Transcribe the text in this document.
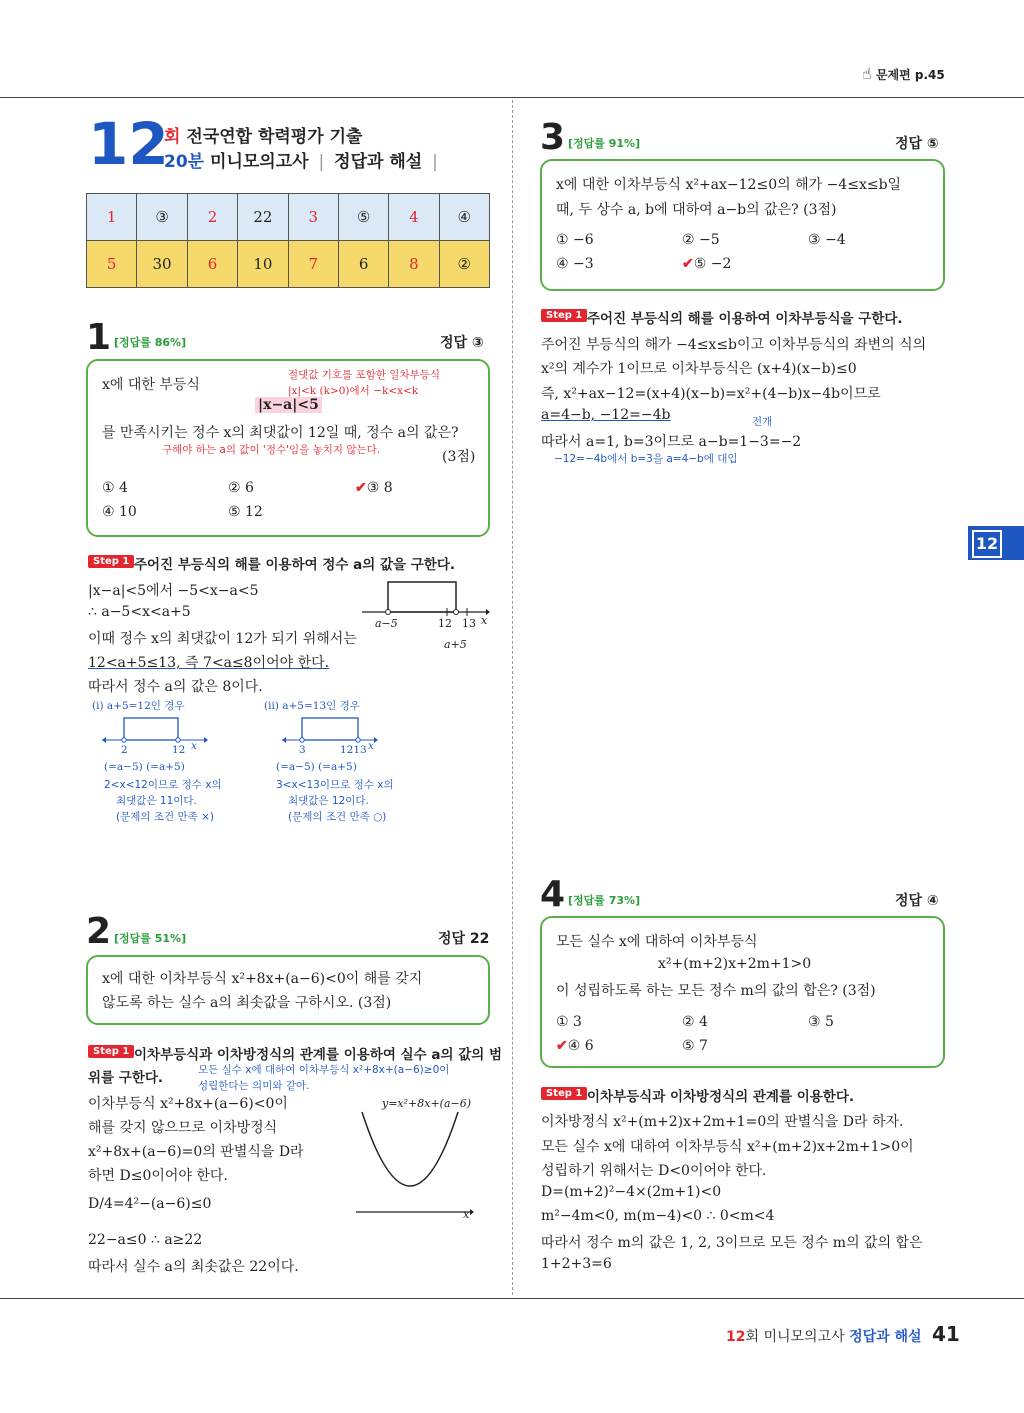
☝ 문제편 p.45
12
회 전국연합 학력평가 기출
20분 미니모의고사 | 정답과 해설 |
1	③	2	22	3	⑤	4	④
5	30	6	10	7	6	8	②
1 [정답률 86%]	정답 ③
절댓값 기호를 포함한 일차부등식
|x|<k (k>0)에서 −k<x<k
x에 대한 부등식
|x−a|<5
를 만족시키는 정수 x의 최댓값이 12일 때, 정수 a의 값은?
구해야 하는 a의 값이 '정수'임을 놓치지 않는다.	(3점)
① 4	② 6	✔③ 8
④ 10	⑤ 12
Step 1 주어진 부등식의 해를 이용하여 정수 a의 값을 구한다.
|x−a|<5에서 −5<x−a<5
∴ a−5<x<a+5
이때 정수 x의 최댓값이 12가 되기 위해서는
12<a+5≤13, 즉 7<a≤8이어야 한다.
따라서 정수 a의 값은 8이다.
a−5	12 13 x
a+5
(i) a+5=12인 경우
2	12 x
(=a−5) (=a+5)
2<x<12이므로 정수 x의
최댓값은 11이다.
(문제의 조건 만족 ×)
(ii) a+5=13인 경우
3	1213 x
(=a−5) (=a+5)
3<x<13이므로 정수 x의
최댓값은 12이다.
(문제의 조건 만족 ○)
2 [정답률 51%]	정답 22
x에 대한 이차부등식 x²+8x+(a−6)<0이 해를 갖지
않도록 하는 실수 a의 최솟값을 구하시오. (3점)
Step 1 이차부등식과 이차방정식의 관계를 이용하여 실수 a의 값의 범
위를 구한다.	모든 실수 x에 대하여 이차부등식 x²+8x+(a−6)≥0이
성립한다는 의미와 같아.
이차부등식 x²+8x+(a−6)<0이
해를 갖지 않으므로 이차방정식
x²+8x+(a−6)=0의 판별식을 D라
하면 D≤0이어야 한다.
D/4=4²−(a−6)≤0
22−a≤0 ∴ a≥22
따라서 실수 a의 최솟값은 22이다.
y=x²+8x+(a−6)
x
3 [정답률 91%]	정답 ⑤
x에 대한 이차부등식 x²+ax−12≤0의 해가 −4≤x≤b일
때, 두 상수 a, b에 대하여 a−b의 값은? (3점)
① −6	② −5	③ −4
④ −3	✔⑤ −2
Step 1 주어진 부등식의 해를 이용하여 이차부등식을 구한다.
주어진 부등식의 해가 −4≤x≤b이고 이차부등식의 좌변의 식의
x²의 계수가 1이므로 이차부등식은 (x+4)(x−b)≤0
즉, x²+ax−12=(x+4)(x−b)=x²+(4−b)x−4b이므로
a=4−b, −12=−4b	전개
따라서 a=1, b=3이므로 a−b=1−3=−2
−12=−4b에서 b=3을 a=4−b에 대입
4 [정답률 73%]	정답 ④
모든 실수 x에 대하여 이차부등식
x²+(m+2)x+2m+1>0
이 성립하도록 하는 모든 정수 m의 값의 합은? (3점)
① 3	② 4	③ 5
✔④ 6	⑤ 7
Step 1 이차부등식과 이차방정식의 관계를 이용한다.
이차방정식 x²+(m+2)x+2m+1=0의 판별식을 D라 하자.
모든 실수 x에 대하여 이차부등식 x²+(m+2)x+2m+1>0이
성립하기 위해서는 D<0이어야 한다.
D=(m+2)²−4×(2m+1)<0
m²−4m<0, m(m−4)<0 ∴ 0<m<4
따라서 정수 m의 값은 1, 2, 3이므로 모든 정수 m의 값의 합은
1+2+3=6
12
12회 미니모의고사 정답과 해설 41
